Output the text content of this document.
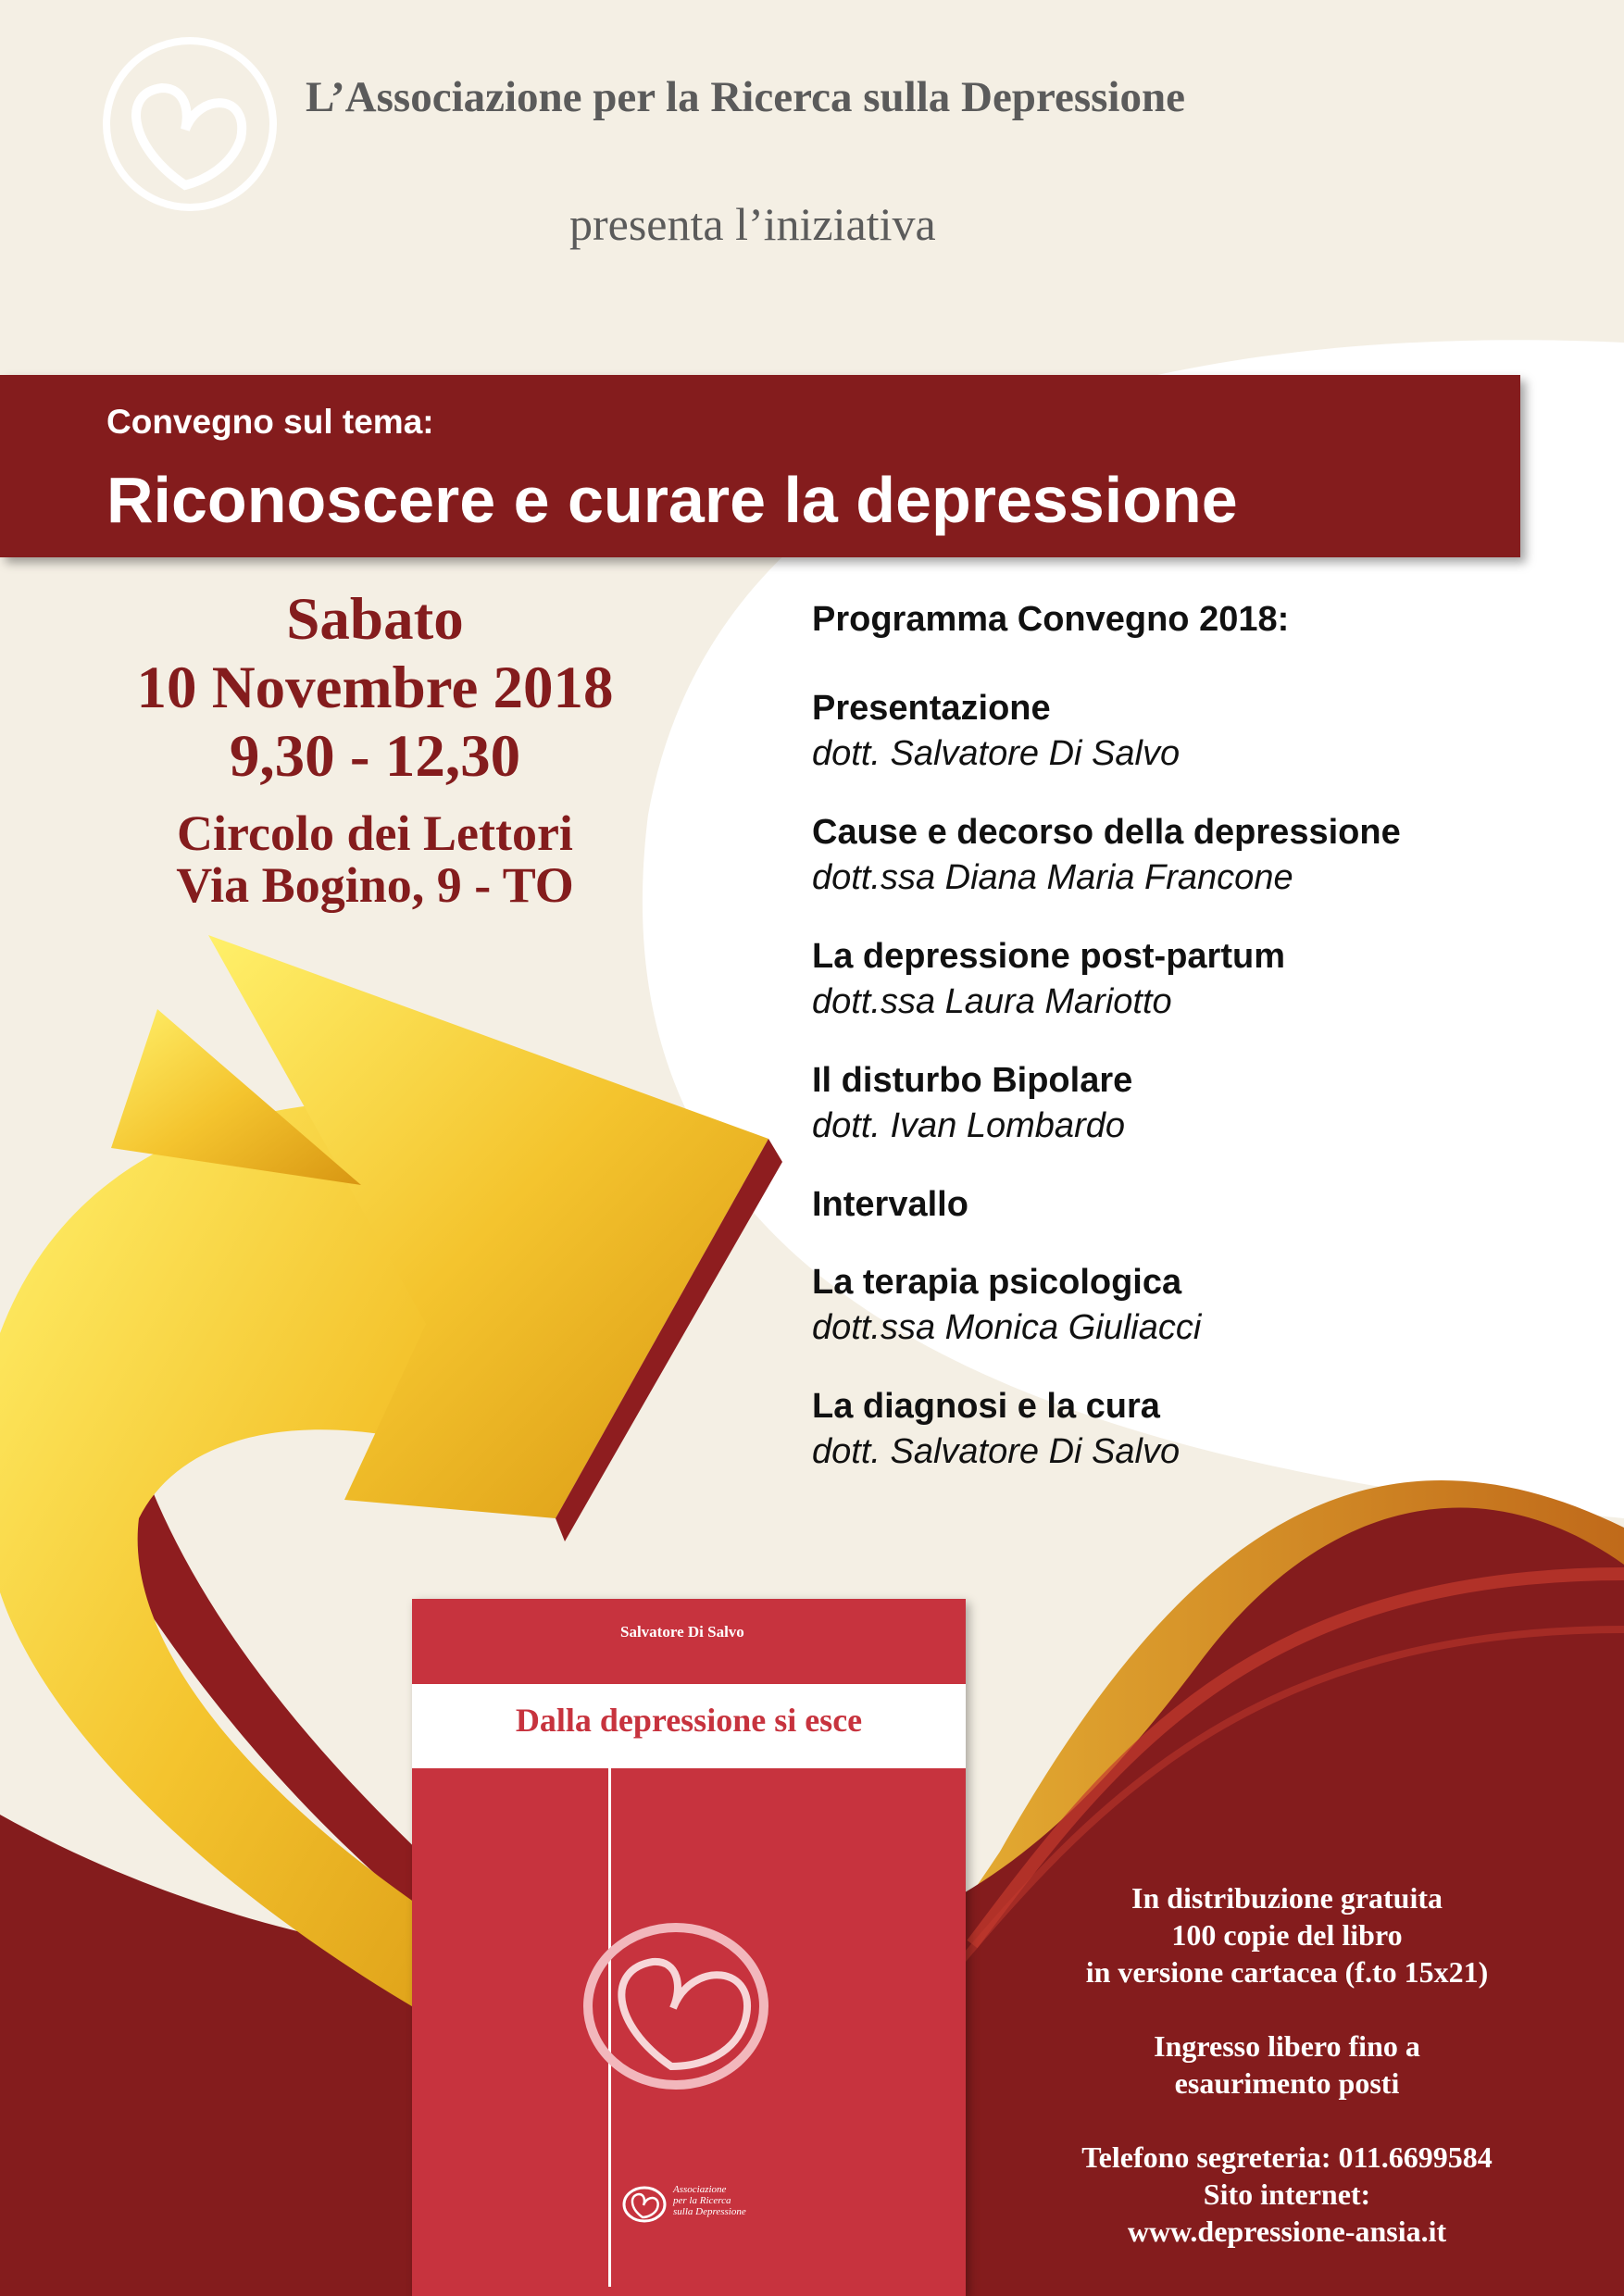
L’Associazione per la Ricerca sulla Depressione
presenta l’iniziativa
Convegno sul tema:
Riconoscere e curare la depressione
Sabato
10 Novembre 2018
9,30 - 12,30
Circolo dei Lettori
Via Bogino, 9 - TO
Programma Convegno 2018:
Presentazione
dott. Salvatore Di Salvo
Cause e decorso della depressione
dott.ssa Diana Maria Francone
La depressione post-partum
dott.ssa Laura Mariotto
Il disturbo Bipolare
dott. Ivan Lombardo
Intervallo
La terapia psicologica
dott.ssa Monica Giuliacci
La diagnosi e la cura
dott. Salvatore Di Salvo
Salvatore Di Salvo
Dalla depressione si esce
Associazione
per la Ricerca
sulla Depressione
In distribuzione gratuita
100 copie del libro
in versione cartacea (f.to 15x21)
Ingresso libero fino a
esaurimento posti
Telefono segreteria: 011.6699584
Sito internet:
www.depressione-ansia.it
